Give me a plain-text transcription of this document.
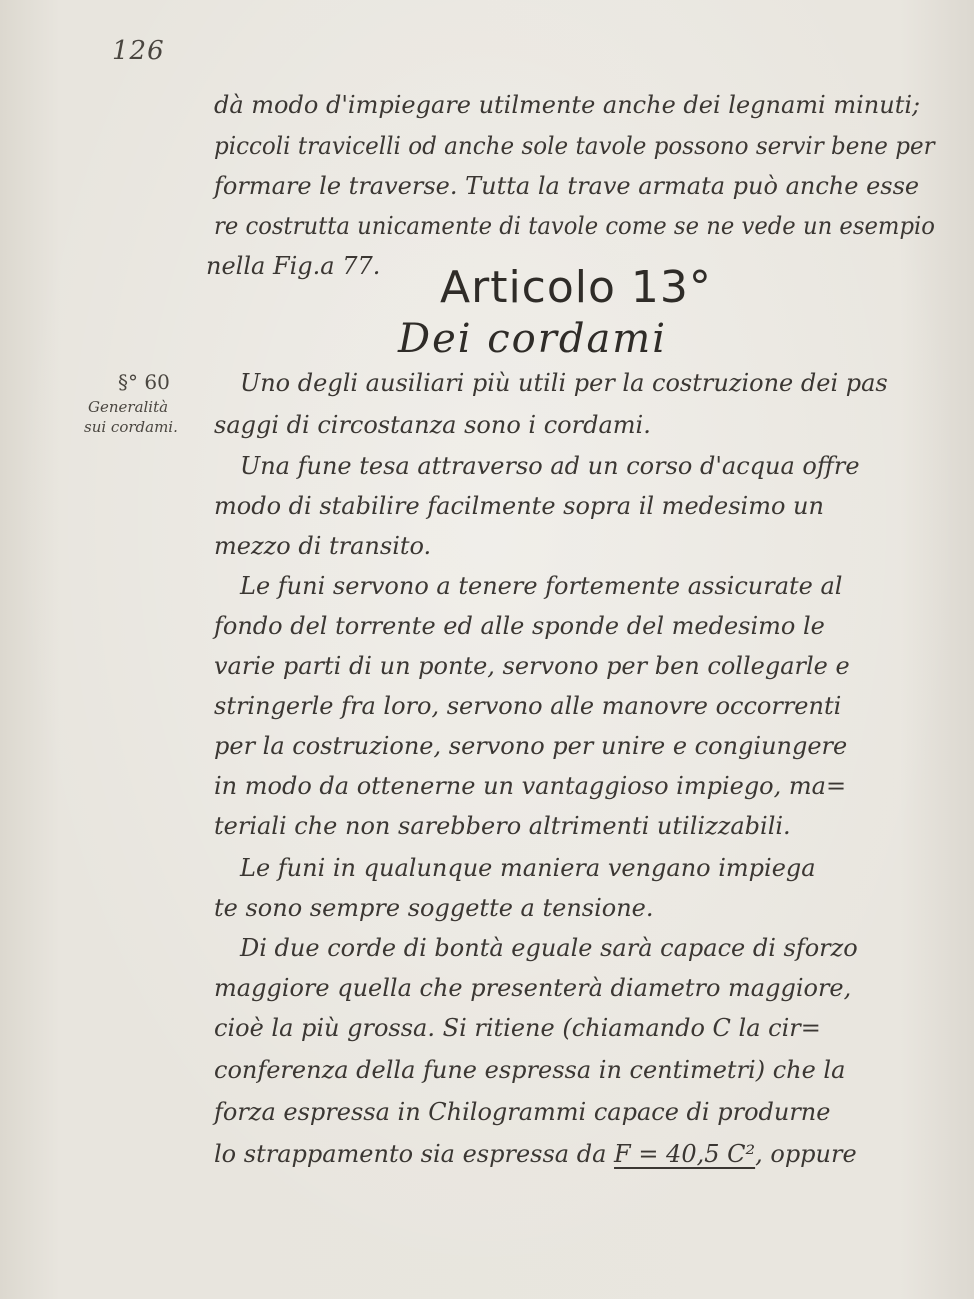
126
dà modo d'impiegare utilmente anche dei legnami minuti;
piccoli travicelli od anche sole tavole possono servir bene per
formare le traverse. Tutta la trave armata può anche esse
re costrutta unicamente di tavole come se ne vede un esempio
nella Fig.a 77. Articolo 13°
Dei cordami
§° 60
Generalità
sui cordami.
Uno degli ausiliari più utili per la costruzione dei pas
saggi di circostanza sono i cordami.
Una fune tesa attraverso ad un corso d'acqua offre
modo di stabilire facilmente sopra il medesimo un
mezzo di transito.
Le funi servono a tenere fortemente assicurate al
fondo del torrente ed alle sponde del medesimo le
varie parti di un ponte, servono per ben collegarle e
stringerle fra loro, servono alle manovre occorrenti
per la costruzione, servono per unire e congiungere
in modo da ottenerne un vantaggioso impiego, ma=
teriali che non sarebbero altrimenti utilizzabili.
Le funi in qualunque maniera vengano impiega
te sono sempre soggette a tensione.
Di due corde di bontà eguale sarà capace di sforzo
maggiore quella che presenterà diametro maggiore,
cioè la più grossa. Si ritiene (chiamando C la cir=
conferenza della fune espressa in centimetri) che la
forza espressa in Chilogrammi capace di produrne
lo strappamento sia espressa da F = 40,5 C², oppure
